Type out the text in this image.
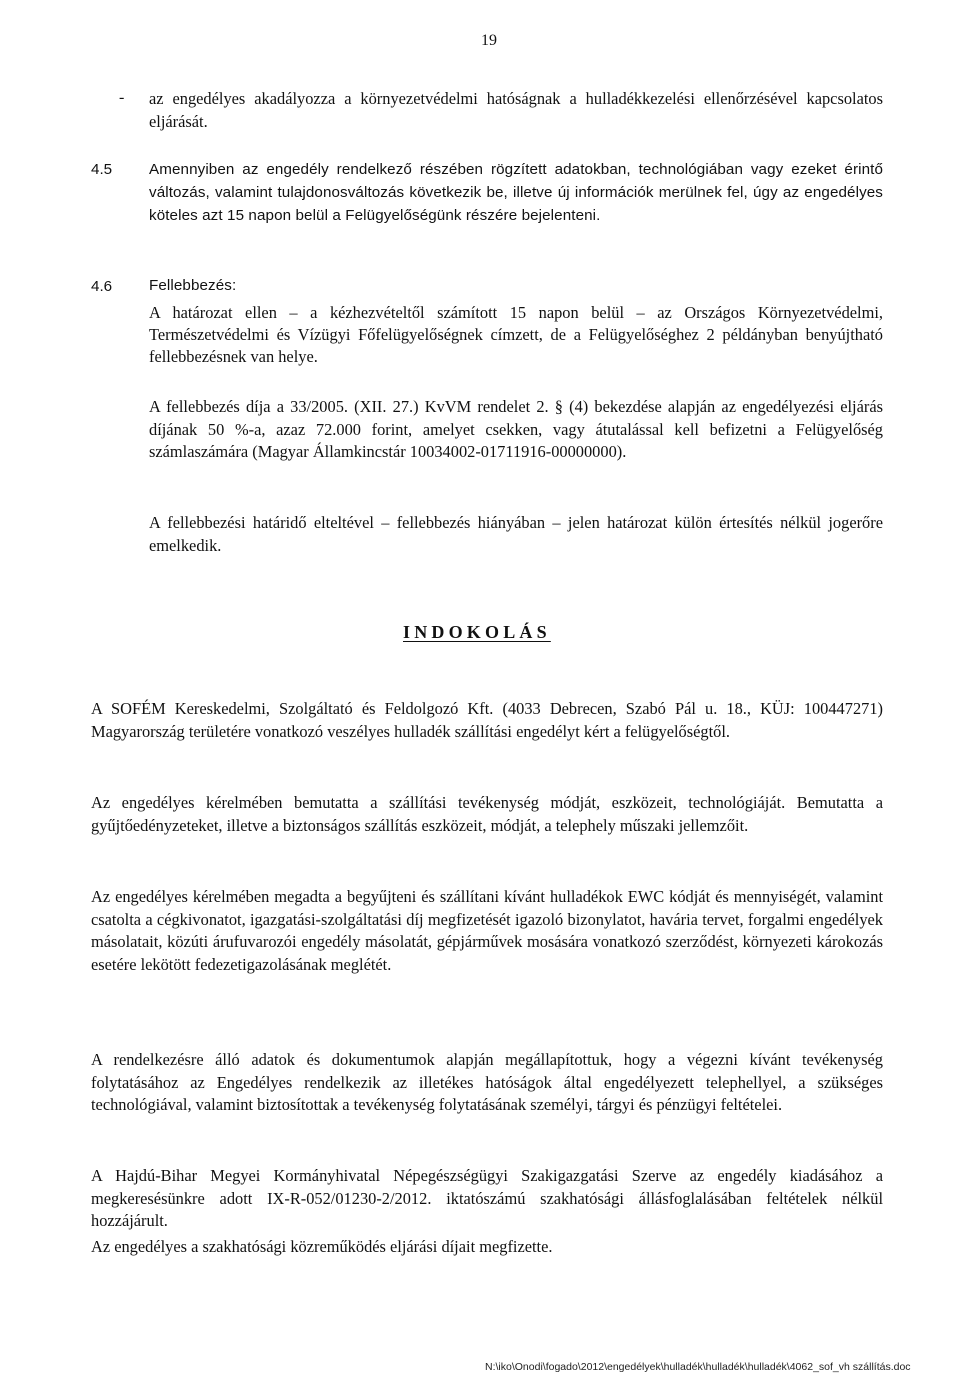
19
- az engedélyes akadályozza a környezetvédelmi hatóságnak a hulladékkezelési ellenőrzésével kapcsolatos eljárását.

4.5 Amennyiben az engedély rendelkező részében rögzített adatokban, technológiában vagy ezeket érintő változás, valamint tulajdonosváltozás következik be, illetve új információk merülnek fel, úgy az engedélyes köteles azt 15 napon belül a Felügyelőségünk részére bejelenteni.

4.6 Fellebbezés:

A határozat ellen – a kézhezvételtől számított 15 napon belül – az Országos Környezetvédelmi, Természetvédelmi és Vízügyi Főfelügyelőségnek címzett, de a Felügyelőséghez 2 példányban benyújtható fellebbezésnek van helye.

A fellebbezés díja a 33/2005. (XII. 27.) KvVM rendelet 2. § (4) bekezdése alapján az engedélyezési eljárás díjának 50 %-a, azaz 72.000 forint, amelyet csekken, vagy átutalással kell befizetni a Felügyelőség számlaszámára (Magyar Államkincstár 10034002-01711916-00000000).

A fellebbezési határidő elteltével – fellebbezés hiányában – jelen határozat külön értesítés nélkül jogerőre emelkedik.

INDOKOLÁS

A SOFÉM Kereskedelmi, Szolgáltató és Feldolgozó Kft. (4033 Debrecen, Szabó Pál u. 18., KÜJ: 100447271) Magyarország területére vonatkozó veszélyes hulladék szállítási engedélyt kért a felügyelőségtől.

Az engedélyes kérelmében bemutatta a szállítási tevékenység módját, eszközeit, technológiáját. Bemutatta a gyűjtőedényzeteket, illetve a biztonságos szállítás eszközeit, módját, a telephely műszaki jellemzőit.

Az engedélyes kérelmében megadta a begyűjteni és szállítani kívánt hulladékok EWC kódját és mennyiségét, valamint csatolta a cégkivonatot, igazgatási-szolgáltatási díj megfizetését igazoló bizonylatot, havária tervet, forgalmi engedélyek másolatait, közúti árufuvarozói engedély másolatát, gépjárművek mosására vonatkozó szerződést, környezeti károkozás esetére lekötött fedezetigazolásának meglétét.

A rendelkezésre álló adatok és dokumentumok alapján megállapítottuk, hogy a végezni kívánt tevékenység folytatásához az Engedélyes rendelkezik az illetékes hatóságok által engedélyezett telephellyel, a szükséges technológiával, valamint biztosítottak a tevékenység folytatásának személyi, tárgyi és pénzügyi feltételei.

A Hajdú-Bihar Megyei Kormányhivatal Népegészségügyi Szakigazgatási Szerve az engedély kiadásához a megkeresésünkre adott IX-R-052/01230-2/2012. iktatószámú szakhatósági állásfoglalásában feltételek nélkül hozzájárult.

Az engedélyes a szakhatósági közreműködés eljárási díjait megfizette.

N:\iko\Onodi\fogado\2012\engedélyek\hulladék\hulladék\hulladék\4062_sof_vh szállítás.doc
